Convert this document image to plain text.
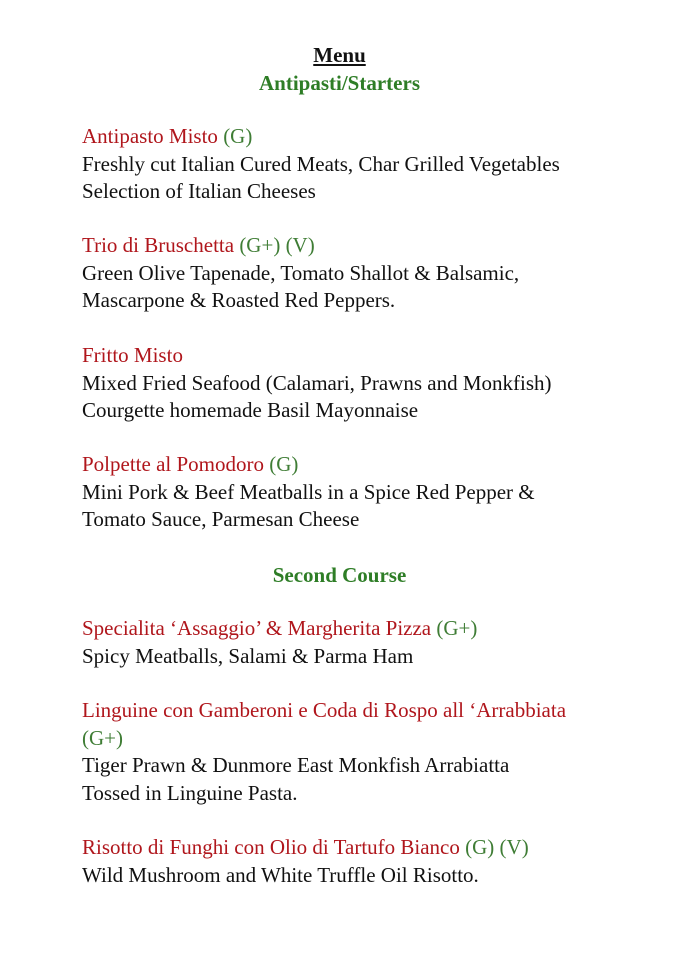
Menu
Antipasti/Starters
Antipasto Misto (G)
Freshly cut Italian Cured Meats, Char Grilled Vegetables
Selection of Italian Cheeses
Trio di Bruschetta (G+) (V)
Green Olive Tapenade, Tomato Shallot & Balsamic,
Mascarpone & Roasted Red Peppers.
Fritto Misto
Mixed Fried Seafood (Calamari, Prawns and Monkfish)
Courgette homemade Basil Mayonnaise
Polpette al Pomodoro (G)
Mini Pork & Beef Meatballs in a Spice Red Pepper &
Tomato Sauce, Parmesan Cheese
Second Course
Specialita ‘Assaggio’ & Margherita Pizza (G+)
Spicy Meatballs, Salami & Parma Ham
Linguine con Gamberoni e Coda di Rospo all ‘Arrabbiata
(G+)
Tiger Prawn & Dunmore East Monkfish Arrabiatta
Tossed in Linguine Pasta.
Risotto di Funghi con Olio di Tartufo Bianco (G) (V)
Wild Mushroom and White Truffle Oil Risotto.
